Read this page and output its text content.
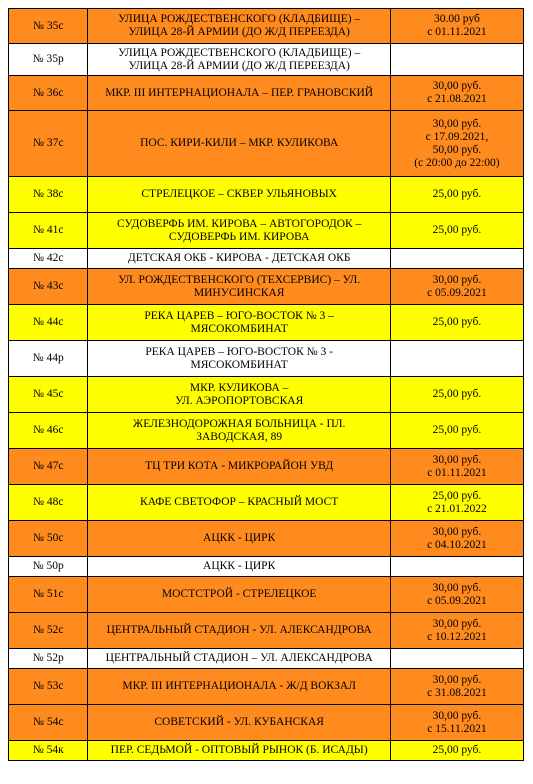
№ 35с	УЛИЦА РОЖДЕСТВЕНСКОГО (КЛАДБИЩЕ) –
УЛИЦА 28-Й АРМИИ (ДО Ж/Д ПЕРЕЕЗДА)	30.00 руб
с 01.11.2021

№ 35р	УЛИЦА РОЖДЕСТВЕНСКОГО (КЛАДБИЩЕ) –
УЛИЦА 28-Й АРМИИ (ДО Ж/Д ПЕРЕЕЗДА)	

№ 36с	МКР. III ИНТЕРНАЦИОНАЛА – ПЕР. ГРАНОВСКИЙ	30,00 руб.
с 21.08.2021

№ 37с	ПОС. КИРИ-КИЛИ – МКР. КУЛИКОВА	30,00 руб.
с 17.09.2021,
50,00 руб.
(с 20:00 до 22:00)

№ 38с	СТРЕЛЕЦКОЕ – СКВЕР УЛЬЯНОВЫХ	25,00 руб.

№ 41с	СУДОВЕРФЬ ИМ. КИРОВА – АВТОГОРОДОК –
СУДОВЕРФЬ ИМ. КИРОВА	25,00 руб.

№ 42с	ДЕТСКАЯ ОКБ - КИРОВА - ДЕТСКАЯ ОКБ	

№ 43с	УЛ. РОЖДЕСТВЕНСКОГО (ТЕХСЕРВИС) – УЛ.
МИНУСИНСКАЯ	30,00 руб.
с 05.09.2021

№ 44с	РЕКА ЦАРЕВ – ЮГО-ВОСТОК № 3 –
МЯСОКОМБИНАТ	25,00 руб.

№ 44р	РЕКА ЦАРЕВ – ЮГО-ВОСТОК № 3 -
МЯСОКОМБИНАТ	

№ 45с	МКР. КУЛИКОВА –
УЛ. АЭРОПОРТОВСКАЯ	25,00 руб.

№ 46с	ЖЕЛЕЗНОДОРОЖНАЯ БОЛЬНИЦА - ПЛ.
ЗАВОДСКАЯ, 89	25,00 руб.

№ 47с	ТЦ ТРИ КОТА - МИКРОРАЙОН УВД	30,00 руб.
с 01.11.2021

№ 48с	КАФЕ СВЕТОФОР – КРАСНЫЙ МОСТ	25,00 руб.
с 21.01.2022

№ 50с	АЦКК - ЦИРК	30,00 руб.
с 04.10.2021

№ 50р	АЦКК - ЦИРК	

№ 51с	МОСТСТРОЙ - СТРЕЛЕЦКОЕ	30,00 руб.
с 05.09.2021

№ 52с	ЦЕНТРАЛЬНЫЙ СТАДИОН - УЛ. АЛЕКСАНДРОВА	30,00 руб.
с 10.12.2021

№ 52р	ЦЕНТРАЛЬНЫЙ СТАДИОН – УЛ. АЛЕКСАНДРОВА	

№ 53с	МКР. III ИНТЕРНАЦИОНАЛА - Ж/Д ВОКЗАЛ	30,00 руб.
с 31.08.2021

№ 54с	СОВЕТСКИЙ - УЛ. КУБАНСКАЯ	30,00 руб.
с 15.11.2021

№ 54к	ПЕР. СЕДЬМОЙ - ОПТОВЫЙ РЫНОК (Б. ИСАДЫ)	25,00 руб.
